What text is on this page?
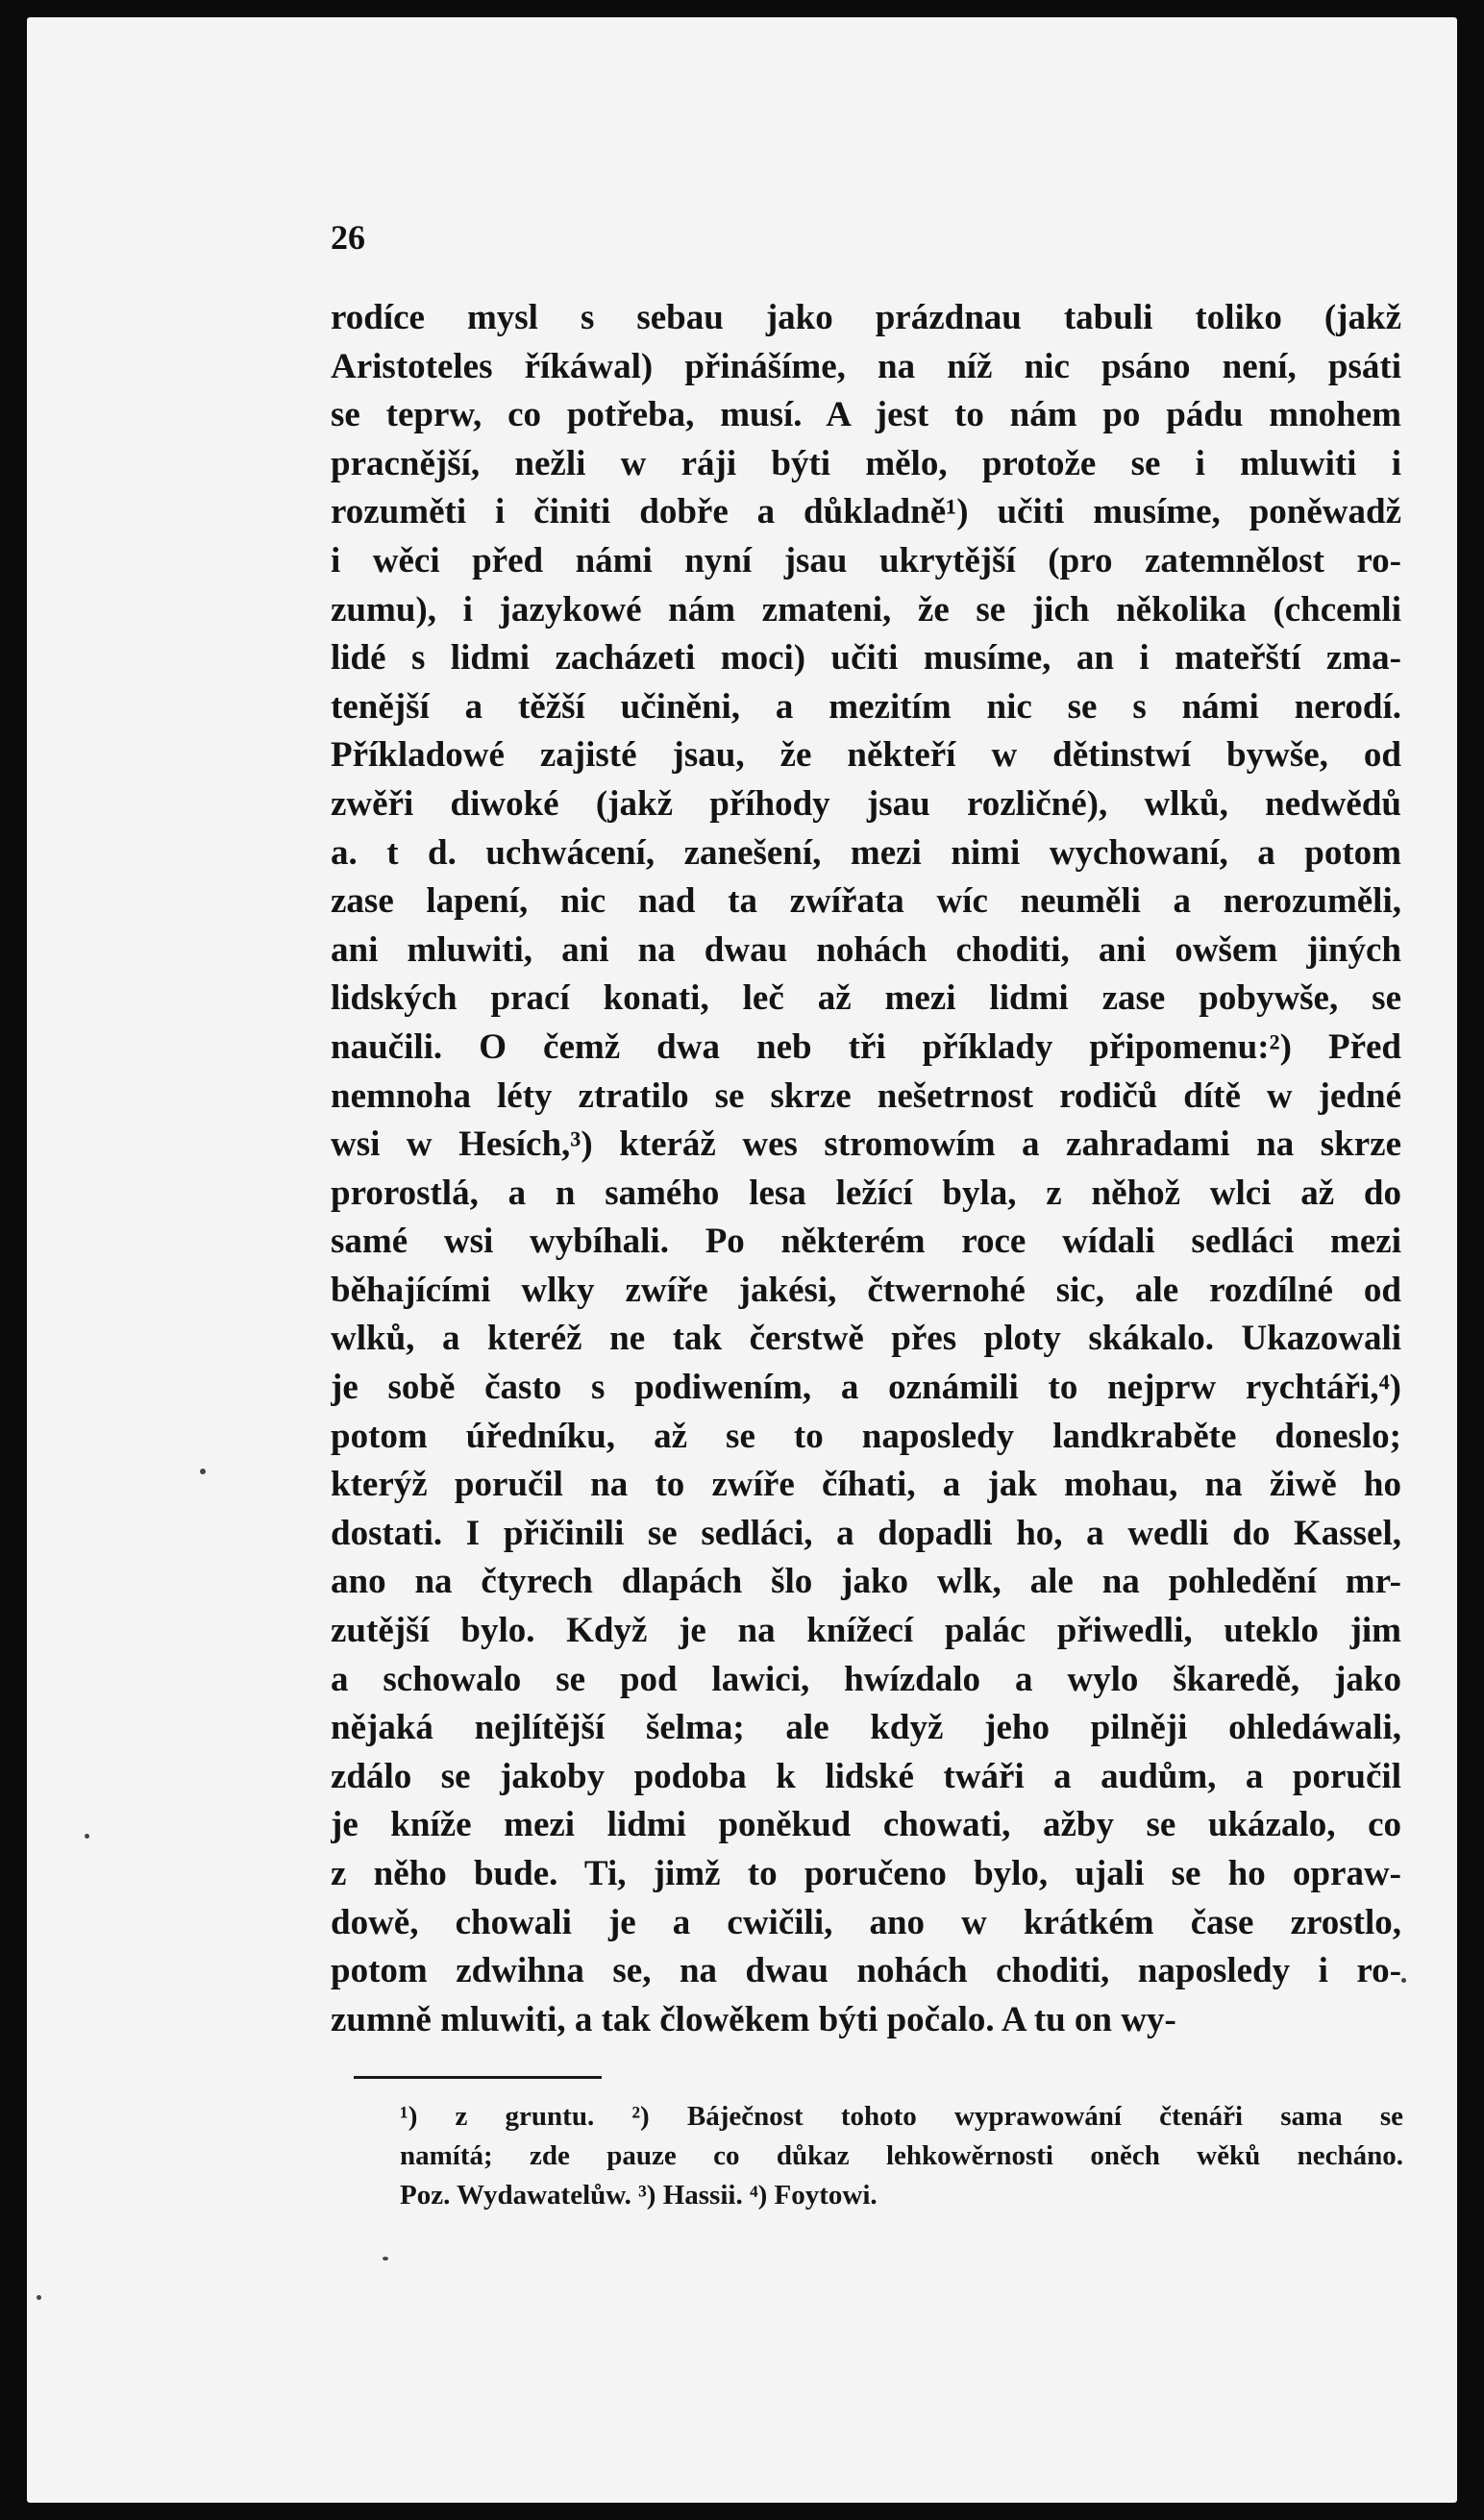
26
rodíce mysl s sebau jako prázdnau tabuli toliko (jakž
Aristoteles říkáwal) přinášíme, na níž nic psáno není, psáti
se teprw, co potřeba, musí. A jest to nám po pádu mnohem
pracnější, nežli w ráji býti mělo, protože se i mluwiti i
rozuměti i činiti dobře a důkladně¹) učiti musíme, poněwadž
i wěci před námi nyní jsau ukrytější (pro zatemnělost ro-
zumu), i jazykowé nám zmateni, že se jich několika (chcemli
lidé s lidmi zacházeti moci) učiti musíme, an i mateřští zma-
tenější a těžší učiněni, a mezitím nic se s námi nerodí.
Příkladowé zajisté jsau, že někteří w dětinstwí bywše, od
zwěři diwoké (jakž příhody jsau rozličné), wlků, nedwědů
a. t d. uchwácení, zanešení, mezi nimi wychowaní, a potom
zase lapení, nic nad ta zwířata wíc neuměli a nerozuměli,
ani mluwiti, ani na dwau nohách choditi, ani owšem jiných
lidských prací konati, leč až mezi lidmi zase pobywše, se
naučili. O čemž dwa neb tři příklady připomenu:²) Před
nemnoha léty ztratilo se skrze nešetrnost rodičů dítě w jedné
wsi w Hesích,³) kteráž wes stromowím a zahradami na skrze
prorostlá, a n samého lesa ležící byla, z něhož wlci až do
samé wsi wybíhali. Po některém roce wídali sedláci mezi
běhajícími wlky zwíře jakési, čtwernohé sic, ale rozdílné od
wlků, a kteréž ne tak čerstwě přes ploty skákalo. Ukazowali
je sobě často s podiwením, a oznámili to nejprw rychtáři,⁴)
potom úředníku, až se to naposledy landkraběte doneslo;
kterýž poručil na to zwíře číhati, a jak mohau, na žiwě ho
dostati. I přičinili se sedláci, a dopadli ho, a wedli do Kassel,
ano na čtyrech dlapách šlo jako wlk, ale na pohledění mr-
zutější bylo. Když je na knížecí palác přiwedli, uteklo jim
a schowalo se pod lawici, hwízdalo a wylo škaredě, jako
nějaká nejlítější šelma; ale když jeho pilněji ohledáwali,
zdálo se jakoby podoba k lidské twáři a audům, a poručil
je kníže mezi lidmi poněkud chowati, ažby se ukázalo, co
z něho bude. Ti, jimž to poručeno bylo, ujali se ho opraw-
dowě, chowali je a cwičili, ano w krátkém čase zrostlo,
potom zdwihna se, na dwau nohách choditi, naposledy i ro-
zumně mluwiti, a tak člowěkem býti počalo. A tu on wy-
¹) z gruntu. ²) Báječnost tohoto wyprawowání čtenáři sama se
namítá; zde pauze co důkaz lehkowěrnosti oněch wěků necháno.
Poz. Wydawatelůw. ³) Hassii. ⁴) Foytowi.
